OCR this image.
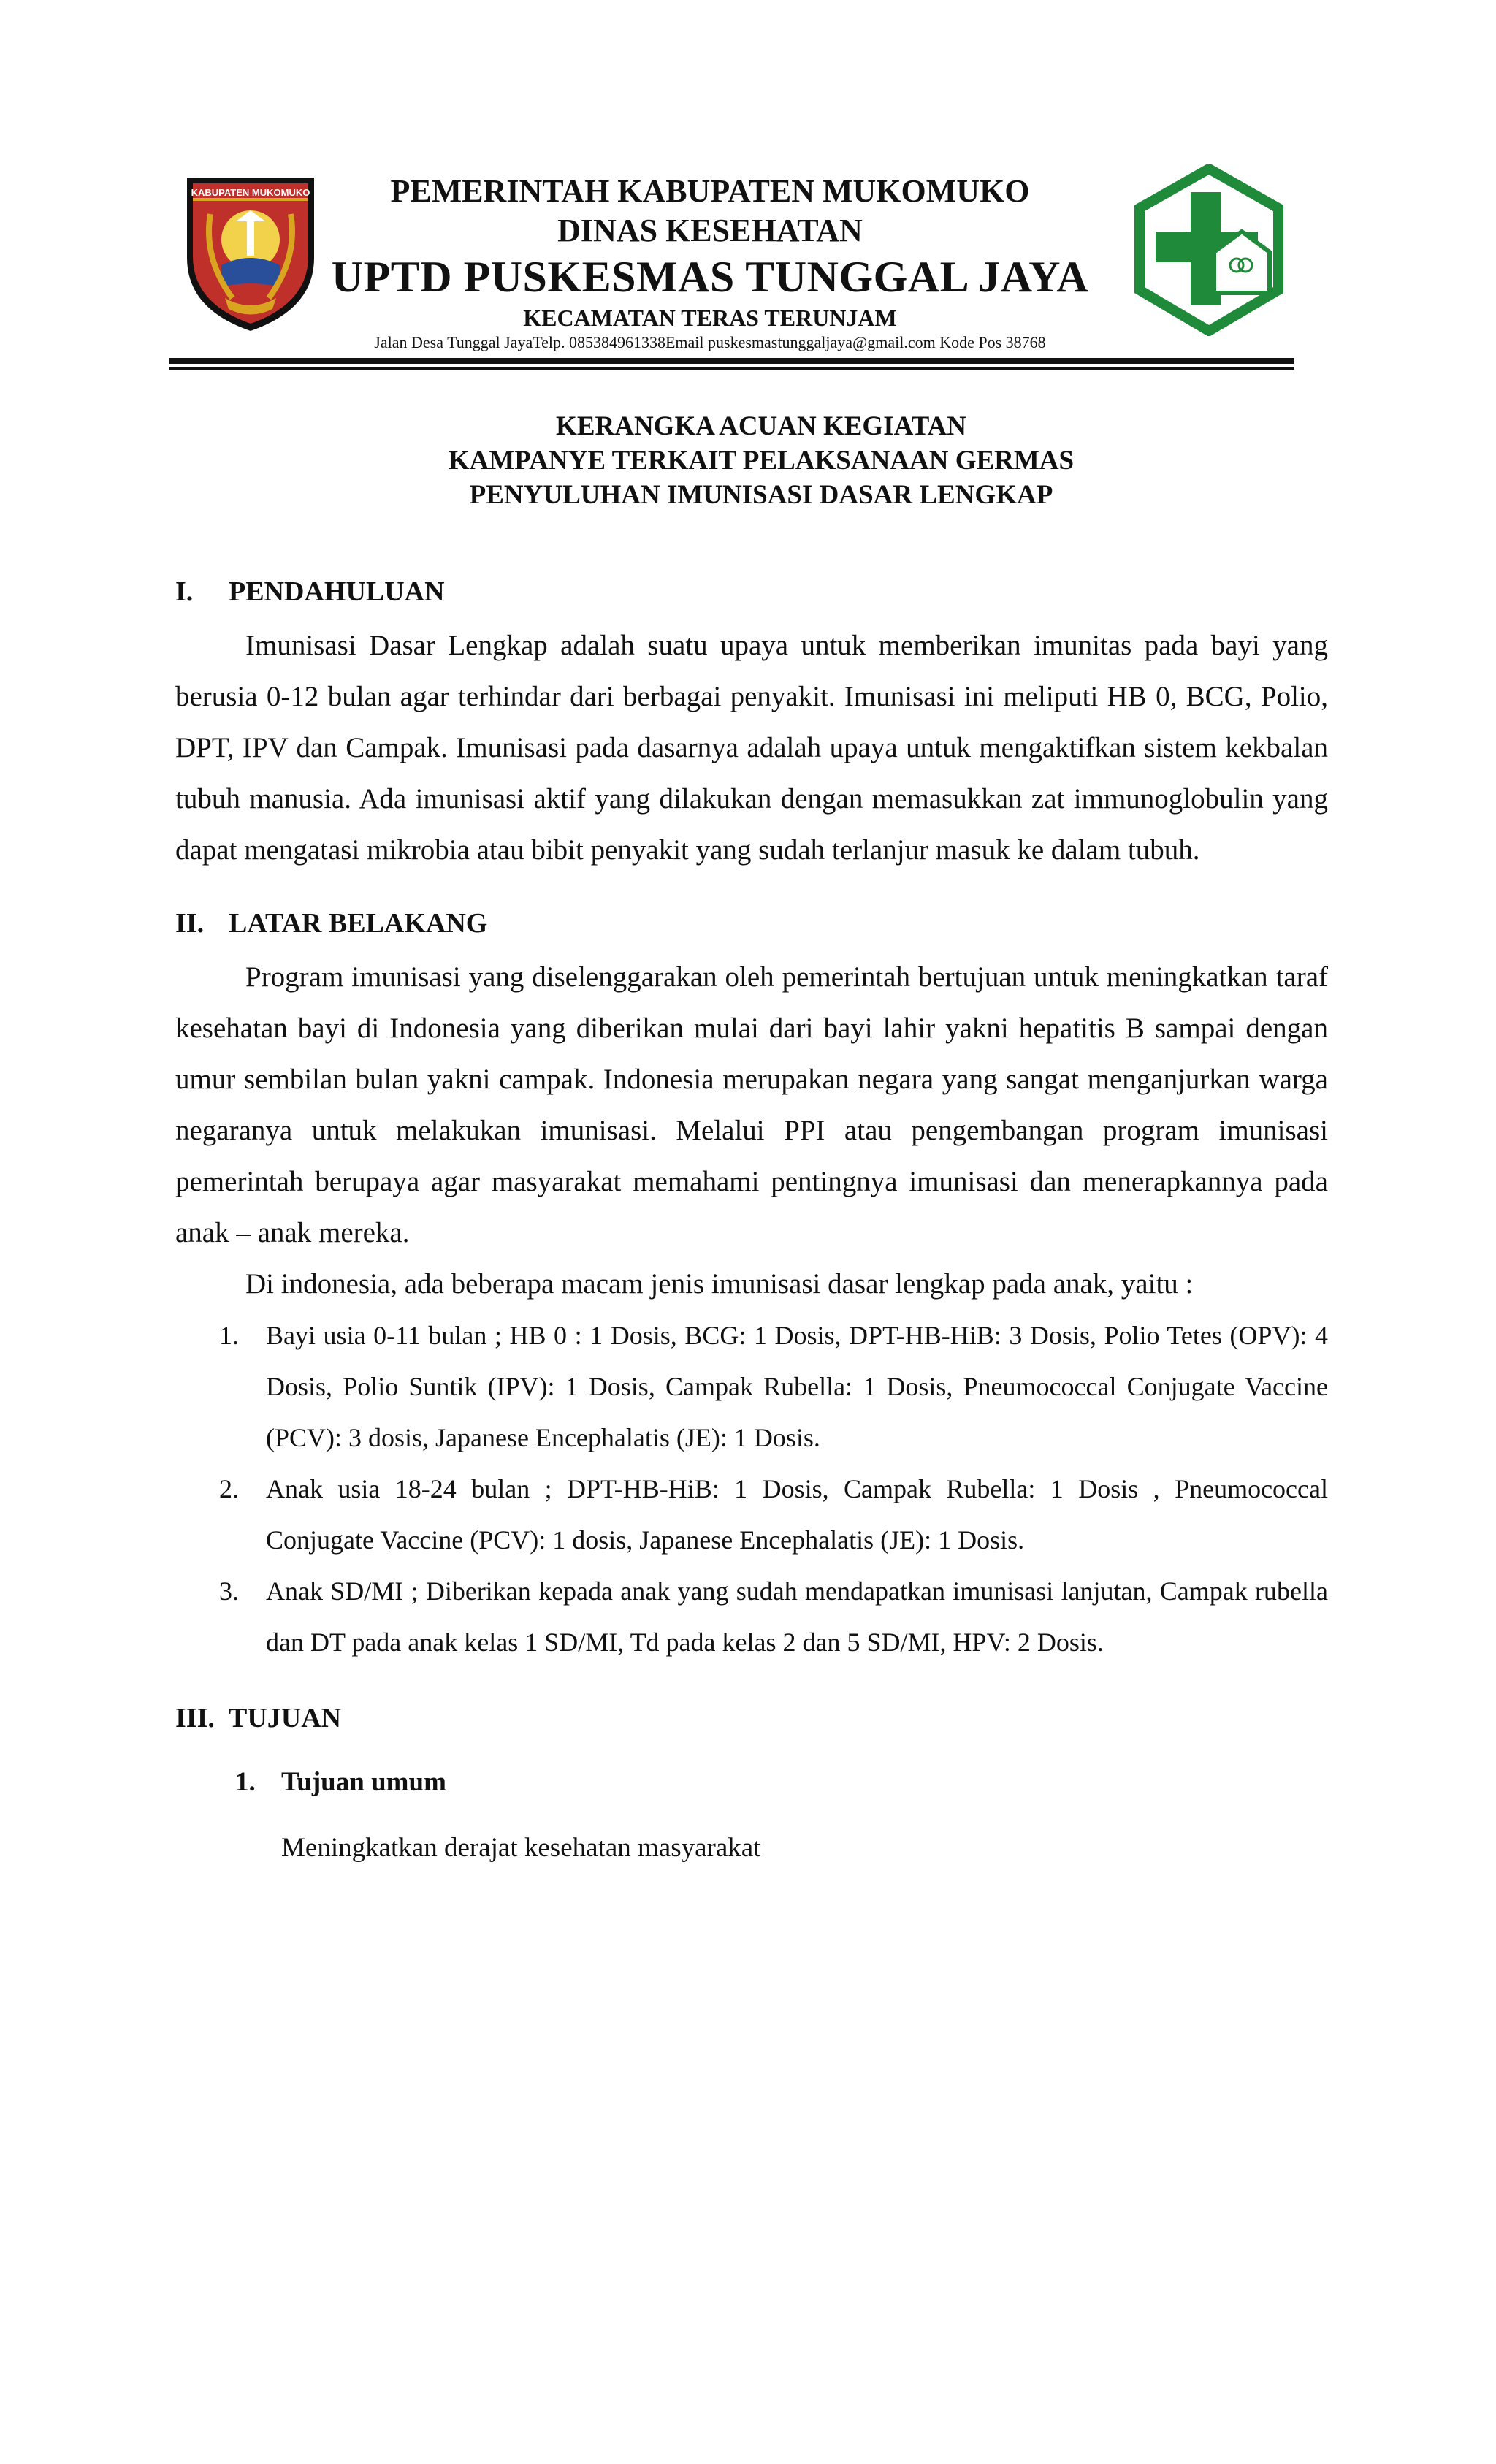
KABUPATEN MUKOMUKO	PEMERINTAH KABUPATEN MUKOMUKO
DINAS KESEHATAN
UPTD PUSKESMAS TUNGGAL JAYA
KECAMATAN TERAS TERUNJAM
Jalan Desa Tunggal JayaTelp. 085384961338Email puskesmastunggaljaya@gmail.com Kode Pos 38768
KERANGKA ACUAN KEGIATAN
KAMPANYE TERKAIT PELAKSANAAN GERMAS
PENYULUHAN IMUNISASI DASAR LENGKAP
I.	PENDAHULUAN

Imunisasi Dasar Lengkap adalah suatu upaya untuk memberikan imunitas pada bayi yang berusia 0-12 bulan agar terhindar dari berbagai penyakit. Imunisasi ini meliputi HB 0, BCG, Polio, DPT, IPV dan Campak. Imunisasi pada dasarnya adalah upaya untuk mengaktifkan sistem kekbalan tubuh manusia. Ada imunisasi aktif yang dilakukan dengan memasukkan zat immunoglobulin yang dapat mengatasi mikrobia atau bibit penyakit yang sudah terlanjur masuk ke dalam tubuh.

II. LATAR BELAKANG

Program imunisasi yang diselenggarakan oleh pemerintah bertujuan untuk meningkatkan taraf kesehatan bayi di Indonesia yang diberikan mulai dari bayi lahir yakni hepatitis B sampai dengan umur sembilan bulan yakni campak. Indonesia merupakan negara yang sangat menganjurkan warga negaranya untuk melakukan imunisasi. Melalui PPI atau pengembangan program imunisasi pemerintah berupaya agar masyarakat memahami pentingnya imunisasi dan menerapkannya pada anak – anak mereka.

Di indonesia, ada beberapa macam jenis imunisasi dasar lengkap pada anak, yaitu :

1. Bayi usia 0-11 bulan ; HB 0 : 1 Dosis, BCG: 1 Dosis, DPT-HB-HiB: 3 Dosis, Polio Tetes (OPV): 4 Dosis, Polio Suntik (IPV): 1 Dosis, Campak Rubella: 1 Dosis, Pneumococcal Conjugate Vaccine (PCV): 3 dosis, Japanese Encephalatis (JE): 1 Dosis.
2. Anak usia 18-24 bulan ; DPT-HB-HiB: 1 Dosis, Campak Rubella: 1 Dosis , Pneumococcal Conjugate Vaccine (PCV): 1 dosis, Japanese Encephalatis (JE): 1 Dosis.
3. Anak SD/MI ; Diberikan kepada anak yang sudah mendapatkan imunisasi lanjutan, Campak rubella dan DT pada anak kelas 1 SD/MI, Td pada kelas 2 dan 5 SD/MI, HPV: 2 Dosis.
III. TUJUAN
1. Tujuan umum
Meningkatkan derajat kesehatan masyarakat
